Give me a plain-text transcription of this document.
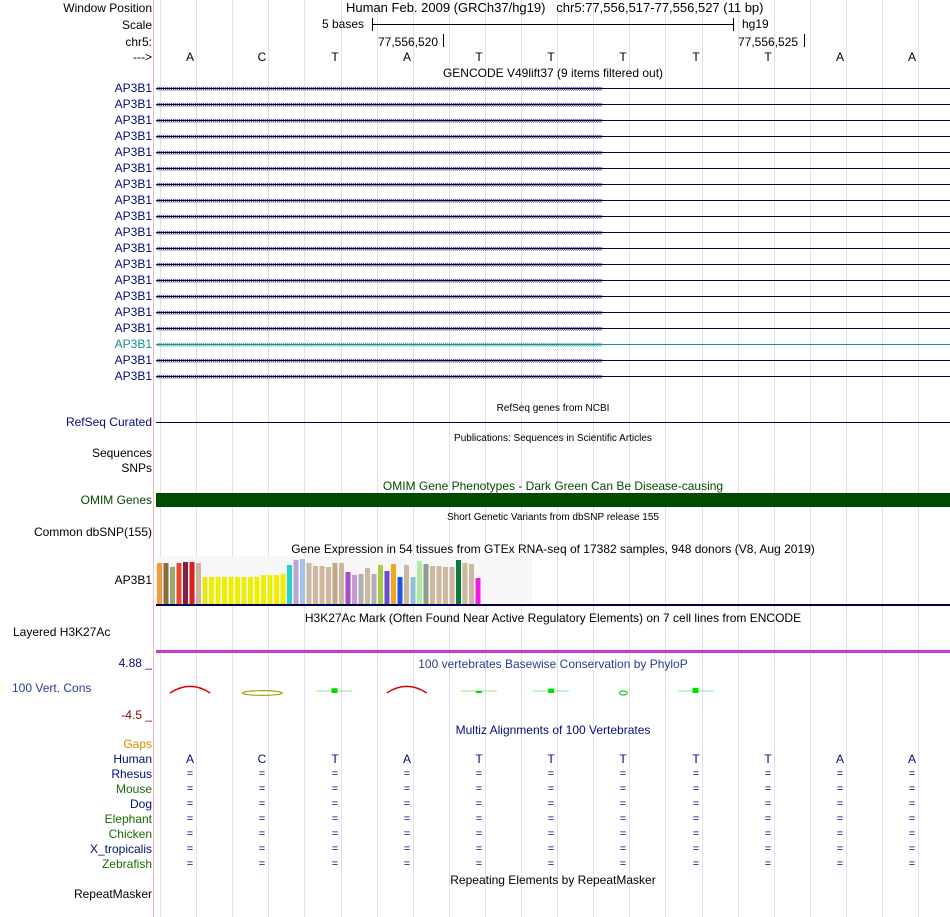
Window Position	Human Feb. 2009 (GRCh37/hg19) chr5:77,556,517-77,556,527 (11 bp)
Scale	5 bases	hg19
chr5:	77,556,520	77,556,525
--->	A	C	T	A	T	T	T	T	T	A	A
GENCODE V49lift37 (9 items filtered out)
AP3B1 ‹‹‹‹‹‹‹‹‹‹‹‹‹‹‹‹‹‹‹‹‹‹‹‹‹‹‹‹‹‹‹‹‹‹‹‹‹‹‹‹‹‹‹‹‹‹‹‹‹‹‹‹‹‹‹‹‹‹‹‹‹‹‹‹‹‹‹‹‹‹‹‹‹‹‹‹‹‹‹‹‹‹‹‹‹‹‹‹‹‹‹‹‹‹‹‹‹‹‹‹‹‹‹‹‹‹‹‹‹‹‹‹‹‹‹‹‹‹‹‹‹‹‹‹‹‹‹‹‹‹‹‹‹‹‹‹‹‹‹‹‹‹‹‹‹‹‹‹‹‹‹‹‹‹‹‹‹‹‹‹‹‹‹‹‹‹‹‹‹‹‹‹‹‹‹‹‹‹‹‹‹‹‹‹‹‹‹‹‹‹‹‹‹‹‹‹‹‹‹‹‹‹‹‹‹‹‹‹‹‹‹‹‹‹‹‹‹‹‹‹‹‹‹
AP3B1 ‹‹‹‹‹‹‹‹‹‹‹‹‹‹‹‹‹‹‹‹‹‹‹‹‹‹‹‹‹‹‹‹‹‹‹‹‹‹‹‹‹‹‹‹‹‹‹‹‹‹‹‹‹‹‹‹‹‹‹‹‹‹‹‹‹‹‹‹‹‹‹‹‹‹‹‹‹‹‹‹‹‹‹‹‹‹‹‹‹‹‹‹‹‹‹‹‹‹‹‹‹‹‹‹‹‹‹‹‹‹‹‹‹‹‹‹‹‹‹‹‹‹‹‹‹‹‹‹‹‹‹‹‹‹‹‹‹‹‹‹‹‹‹‹‹‹‹‹‹‹‹‹‹‹‹‹‹‹‹‹‹‹‹‹‹‹‹‹‹‹‹‹‹‹‹‹‹‹‹‹‹‹‹‹‹‹‹‹‹‹‹‹‹‹‹‹‹‹‹‹‹‹‹‹‹‹‹‹‹‹‹‹‹‹‹‹‹‹‹‹‹‹‹
AP3B1 ‹‹‹‹‹‹‹‹‹‹‹‹‹‹‹‹‹‹‹‹‹‹‹‹‹‹‹‹‹‹‹‹‹‹‹‹‹‹‹‹‹‹‹‹‹‹‹‹‹‹‹‹‹‹‹‹‹‹‹‹‹‹‹‹‹‹‹‹‹‹‹‹‹‹‹‹‹‹‹‹‹‹‹‹‹‹‹‹‹‹‹‹‹‹‹‹‹‹‹‹‹‹‹‹‹‹‹‹‹‹‹‹‹‹‹‹‹‹‹‹‹‹‹‹‹‹‹‹‹‹‹‹‹‹‹‹‹‹‹‹‹‹‹‹‹‹‹‹‹‹‹‹‹‹‹‹‹‹‹‹‹‹‹‹‹‹‹‹‹‹‹‹‹‹‹‹‹‹‹‹‹‹‹‹‹‹‹‹‹‹‹‹‹‹‹‹‹‹‹‹‹‹‹‹‹‹‹‹‹‹‹‹‹‹‹‹‹‹‹‹‹‹‹
AP3B1 ‹‹‹‹‹‹‹‹‹‹‹‹‹‹‹‹‹‹‹‹‹‹‹‹‹‹‹‹‹‹‹‹‹‹‹‹‹‹‹‹‹‹‹‹‹‹‹‹‹‹‹‹‹‹‹‹‹‹‹‹‹‹‹‹‹‹‹‹‹‹‹‹‹‹‹‹‹‹‹‹‹‹‹‹‹‹‹‹‹‹‹‹‹‹‹‹‹‹‹‹‹‹‹‹‹‹‹‹‹‹‹‹‹‹‹‹‹‹‹‹‹‹‹‹‹‹‹‹‹‹‹‹‹‹‹‹‹‹‹‹‹‹‹‹‹‹‹‹‹‹‹‹‹‹‹‹‹‹‹‹‹‹‹‹‹‹‹‹‹‹‹‹‹‹‹‹‹‹‹‹‹‹‹‹‹‹‹‹‹‹‹‹‹‹‹‹‹‹‹‹‹‹‹‹‹‹‹‹‹‹‹‹‹‹‹‹‹‹‹‹‹‹‹
AP3B1 ‹‹‹‹‹‹‹‹‹‹‹‹‹‹‹‹‹‹‹‹‹‹‹‹‹‹‹‹‹‹‹‹‹‹‹‹‹‹‹‹‹‹‹‹‹‹‹‹‹‹‹‹‹‹‹‹‹‹‹‹‹‹‹‹‹‹‹‹‹‹‹‹‹‹‹‹‹‹‹‹‹‹‹‹‹‹‹‹‹‹‹‹‹‹‹‹‹‹‹‹‹‹‹‹‹‹‹‹‹‹‹‹‹‹‹‹‹‹‹‹‹‹‹‹‹‹‹‹‹‹‹‹‹‹‹‹‹‹‹‹‹‹‹‹‹‹‹‹‹‹‹‹‹‹‹‹‹‹‹‹‹‹‹‹‹‹‹‹‹‹‹‹‹‹‹‹‹‹‹‹‹‹‹‹‹‹‹‹‹‹‹‹‹‹‹‹‹‹‹‹‹‹‹‹‹‹‹‹‹‹‹‹‹‹‹‹‹‹‹‹‹‹‹
AP3B1 ‹‹‹‹‹‹‹‹‹‹‹‹‹‹‹‹‹‹‹‹‹‹‹‹‹‹‹‹‹‹‹‹‹‹‹‹‹‹‹‹‹‹‹‹‹‹‹‹‹‹‹‹‹‹‹‹‹‹‹‹‹‹‹‹‹‹‹‹‹‹‹‹‹‹‹‹‹‹‹‹‹‹‹‹‹‹‹‹‹‹‹‹‹‹‹‹‹‹‹‹‹‹‹‹‹‹‹‹‹‹‹‹‹‹‹‹‹‹‹‹‹‹‹‹‹‹‹‹‹‹‹‹‹‹‹‹‹‹‹‹‹‹‹‹‹‹‹‹‹‹‹‹‹‹‹‹‹‹‹‹‹‹‹‹‹‹‹‹‹‹‹‹‹‹‹‹‹‹‹‹‹‹‹‹‹‹‹‹‹‹‹‹‹‹‹‹‹‹‹‹‹‹‹‹‹‹‹‹‹‹‹‹‹‹‹‹‹‹‹‹‹‹‹
AP3B1 ‹‹‹‹‹‹‹‹‹‹‹‹‹‹‹‹‹‹‹‹‹‹‹‹‹‹‹‹‹‹‹‹‹‹‹‹‹‹‹‹‹‹‹‹‹‹‹‹‹‹‹‹‹‹‹‹‹‹‹‹‹‹‹‹‹‹‹‹‹‹‹‹‹‹‹‹‹‹‹‹‹‹‹‹‹‹‹‹‹‹‹‹‹‹‹‹‹‹‹‹‹‹‹‹‹‹‹‹‹‹‹‹‹‹‹‹‹‹‹‹‹‹‹‹‹‹‹‹‹‹‹‹‹‹‹‹‹‹‹‹‹‹‹‹‹‹‹‹‹‹‹‹‹‹‹‹‹‹‹‹‹‹‹‹‹‹‹‹‹‹‹‹‹‹‹‹‹‹‹‹‹‹‹‹‹‹‹‹‹‹‹‹‹‹‹‹‹‹‹‹‹‹‹‹‹‹‹‹‹‹‹‹‹‹‹‹‹‹‹‹‹‹‹
AP3B1 ‹‹‹‹‹‹‹‹‹‹‹‹‹‹‹‹‹‹‹‹‹‹‹‹‹‹‹‹‹‹‹‹‹‹‹‹‹‹‹‹‹‹‹‹‹‹‹‹‹‹‹‹‹‹‹‹‹‹‹‹‹‹‹‹‹‹‹‹‹‹‹‹‹‹‹‹‹‹‹‹‹‹‹‹‹‹‹‹‹‹‹‹‹‹‹‹‹‹‹‹‹‹‹‹‹‹‹‹‹‹‹‹‹‹‹‹‹‹‹‹‹‹‹‹‹‹‹‹‹‹‹‹‹‹‹‹‹‹‹‹‹‹‹‹‹‹‹‹‹‹‹‹‹‹‹‹‹‹‹‹‹‹‹‹‹‹‹‹‹‹‹‹‹‹‹‹‹‹‹‹‹‹‹‹‹‹‹‹‹‹‹‹‹‹‹‹‹‹‹‹‹‹‹‹‹‹‹‹‹‹‹‹‹‹‹‹‹‹‹‹‹‹‹
AP3B1 ‹‹‹‹‹‹‹‹‹‹‹‹‹‹‹‹‹‹‹‹‹‹‹‹‹‹‹‹‹‹‹‹‹‹‹‹‹‹‹‹‹‹‹‹‹‹‹‹‹‹‹‹‹‹‹‹‹‹‹‹‹‹‹‹‹‹‹‹‹‹‹‹‹‹‹‹‹‹‹‹‹‹‹‹‹‹‹‹‹‹‹‹‹‹‹‹‹‹‹‹‹‹‹‹‹‹‹‹‹‹‹‹‹‹‹‹‹‹‹‹‹‹‹‹‹‹‹‹‹‹‹‹‹‹‹‹‹‹‹‹‹‹‹‹‹‹‹‹‹‹‹‹‹‹‹‹‹‹‹‹‹‹‹‹‹‹‹‹‹‹‹‹‹‹‹‹‹‹‹‹‹‹‹‹‹‹‹‹‹‹‹‹‹‹‹‹‹‹‹‹‹‹‹‹‹‹‹‹‹‹‹‹‹‹‹‹‹‹‹‹‹‹‹
AP3B1 ‹‹‹‹‹‹‹‹‹‹‹‹‹‹‹‹‹‹‹‹‹‹‹‹‹‹‹‹‹‹‹‹‹‹‹‹‹‹‹‹‹‹‹‹‹‹‹‹‹‹‹‹‹‹‹‹‹‹‹‹‹‹‹‹‹‹‹‹‹‹‹‹‹‹‹‹‹‹‹‹‹‹‹‹‹‹‹‹‹‹‹‹‹‹‹‹‹‹‹‹‹‹‹‹‹‹‹‹‹‹‹‹‹‹‹‹‹‹‹‹‹‹‹‹‹‹‹‹‹‹‹‹‹‹‹‹‹‹‹‹‹‹‹‹‹‹‹‹‹‹‹‹‹‹‹‹‹‹‹‹‹‹‹‹‹‹‹‹‹‹‹‹‹‹‹‹‹‹‹‹‹‹‹‹‹‹‹‹‹‹‹‹‹‹‹‹‹‹‹‹‹‹‹‹‹‹‹‹‹‹‹‹‹‹‹‹‹‹‹‹‹‹‹
AP3B1 ‹‹‹‹‹‹‹‹‹‹‹‹‹‹‹‹‹‹‹‹‹‹‹‹‹‹‹‹‹‹‹‹‹‹‹‹‹‹‹‹‹‹‹‹‹‹‹‹‹‹‹‹‹‹‹‹‹‹‹‹‹‹‹‹‹‹‹‹‹‹‹‹‹‹‹‹‹‹‹‹‹‹‹‹‹‹‹‹‹‹‹‹‹‹‹‹‹‹‹‹‹‹‹‹‹‹‹‹‹‹‹‹‹‹‹‹‹‹‹‹‹‹‹‹‹‹‹‹‹‹‹‹‹‹‹‹‹‹‹‹‹‹‹‹‹‹‹‹‹‹‹‹‹‹‹‹‹‹‹‹‹‹‹‹‹‹‹‹‹‹‹‹‹‹‹‹‹‹‹‹‹‹‹‹‹‹‹‹‹‹‹‹‹‹‹‹‹‹‹‹‹‹‹‹‹‹‹‹‹‹‹‹‹‹‹‹‹‹‹‹‹‹‹
AP3B1 ‹‹‹‹‹‹‹‹‹‹‹‹‹‹‹‹‹‹‹‹‹‹‹‹‹‹‹‹‹‹‹‹‹‹‹‹‹‹‹‹‹‹‹‹‹‹‹‹‹‹‹‹‹‹‹‹‹‹‹‹‹‹‹‹‹‹‹‹‹‹‹‹‹‹‹‹‹‹‹‹‹‹‹‹‹‹‹‹‹‹‹‹‹‹‹‹‹‹‹‹‹‹‹‹‹‹‹‹‹‹‹‹‹‹‹‹‹‹‹‹‹‹‹‹‹‹‹‹‹‹‹‹‹‹‹‹‹‹‹‹‹‹‹‹‹‹‹‹‹‹‹‹‹‹‹‹‹‹‹‹‹‹‹‹‹‹‹‹‹‹‹‹‹‹‹‹‹‹‹‹‹‹‹‹‹‹‹‹‹‹‹‹‹‹‹‹‹‹‹‹‹‹‹‹‹‹‹‹‹‹‹‹‹‹‹‹‹‹‹‹‹‹‹
AP3B1 ‹‹‹‹‹‹‹‹‹‹‹‹‹‹‹‹‹‹‹‹‹‹‹‹‹‹‹‹‹‹‹‹‹‹‹‹‹‹‹‹‹‹‹‹‹‹‹‹‹‹‹‹‹‹‹‹‹‹‹‹‹‹‹‹‹‹‹‹‹‹‹‹‹‹‹‹‹‹‹‹‹‹‹‹‹‹‹‹‹‹‹‹‹‹‹‹‹‹‹‹‹‹‹‹‹‹‹‹‹‹‹‹‹‹‹‹‹‹‹‹‹‹‹‹‹‹‹‹‹‹‹‹‹‹‹‹‹‹‹‹‹‹‹‹‹‹‹‹‹‹‹‹‹‹‹‹‹‹‹‹‹‹‹‹‹‹‹‹‹‹‹‹‹‹‹‹‹‹‹‹‹‹‹‹‹‹‹‹‹‹‹‹‹‹‹‹‹‹‹‹‹‹‹‹‹‹‹‹‹‹‹‹‹‹‹‹‹‹‹‹‹‹‹
AP3B1 ‹‹‹‹‹‹‹‹‹‹‹‹‹‹‹‹‹‹‹‹‹‹‹‹‹‹‹‹‹‹‹‹‹‹‹‹‹‹‹‹‹‹‹‹‹‹‹‹‹‹‹‹‹‹‹‹‹‹‹‹‹‹‹‹‹‹‹‹‹‹‹‹‹‹‹‹‹‹‹‹‹‹‹‹‹‹‹‹‹‹‹‹‹‹‹‹‹‹‹‹‹‹‹‹‹‹‹‹‹‹‹‹‹‹‹‹‹‹‹‹‹‹‹‹‹‹‹‹‹‹‹‹‹‹‹‹‹‹‹‹‹‹‹‹‹‹‹‹‹‹‹‹‹‹‹‹‹‹‹‹‹‹‹‹‹‹‹‹‹‹‹‹‹‹‹‹‹‹‹‹‹‹‹‹‹‹‹‹‹‹‹‹‹‹‹‹‹‹‹‹‹‹‹‹‹‹‹‹‹‹‹‹‹‹‹‹‹‹‹‹‹‹‹
AP3B1 ‹‹‹‹‹‹‹‹‹‹‹‹‹‹‹‹‹‹‹‹‹‹‹‹‹‹‹‹‹‹‹‹‹‹‹‹‹‹‹‹‹‹‹‹‹‹‹‹‹‹‹‹‹‹‹‹‹‹‹‹‹‹‹‹‹‹‹‹‹‹‹‹‹‹‹‹‹‹‹‹‹‹‹‹‹‹‹‹‹‹‹‹‹‹‹‹‹‹‹‹‹‹‹‹‹‹‹‹‹‹‹‹‹‹‹‹‹‹‹‹‹‹‹‹‹‹‹‹‹‹‹‹‹‹‹‹‹‹‹‹‹‹‹‹‹‹‹‹‹‹‹‹‹‹‹‹‹‹‹‹‹‹‹‹‹‹‹‹‹‹‹‹‹‹‹‹‹‹‹‹‹‹‹‹‹‹‹‹‹‹‹‹‹‹‹‹‹‹‹‹‹‹‹‹‹‹‹‹‹‹‹‹‹‹‹‹‹‹‹‹‹‹‹
AP3B1 ‹‹‹‹‹‹‹‹‹‹‹‹‹‹‹‹‹‹‹‹‹‹‹‹‹‹‹‹‹‹‹‹‹‹‹‹‹‹‹‹‹‹‹‹‹‹‹‹‹‹‹‹‹‹‹‹‹‹‹‹‹‹‹‹‹‹‹‹‹‹‹‹‹‹‹‹‹‹‹‹‹‹‹‹‹‹‹‹‹‹‹‹‹‹‹‹‹‹‹‹‹‹‹‹‹‹‹‹‹‹‹‹‹‹‹‹‹‹‹‹‹‹‹‹‹‹‹‹‹‹‹‹‹‹‹‹‹‹‹‹‹‹‹‹‹‹‹‹‹‹‹‹‹‹‹‹‹‹‹‹‹‹‹‹‹‹‹‹‹‹‹‹‹‹‹‹‹‹‹‹‹‹‹‹‹‹‹‹‹‹‹‹‹‹‹‹‹‹‹‹‹‹‹‹‹‹‹‹‹‹‹‹‹‹‹‹‹‹‹‹‹‹‹
AP3B1 ‹‹‹‹‹‹‹‹‹‹‹‹‹‹‹‹‹‹‹‹‹‹‹‹‹‹‹‹‹‹‹‹‹‹‹‹‹‹‹‹‹‹‹‹‹‹‹‹‹‹‹‹‹‹‹‹‹‹‹‹‹‹‹‹‹‹‹‹‹‹‹‹‹‹‹‹‹‹‹‹‹‹‹‹‹‹‹‹‹‹‹‹‹‹‹‹‹‹‹‹‹‹‹‹‹‹‹‹‹‹‹‹‹‹‹‹‹‹‹‹‹‹‹‹‹‹‹‹‹‹‹‹‹‹‹‹‹‹‹‹‹‹‹‹‹‹‹‹‹‹‹‹‹‹‹‹‹‹‹‹‹‹‹‹‹‹‹‹‹‹‹‹‹‹‹‹‹‹‹‹‹‹‹‹‹‹‹‹‹‹‹‹‹‹‹‹‹‹‹‹‹‹‹‹‹‹‹‹‹‹‹‹‹‹‹‹‹‹‹‹‹‹‹
AP3B1 ‹‹‹‹‹‹‹‹‹‹‹‹‹‹‹‹‹‹‹‹‹‹‹‹‹‹‹‹‹‹‹‹‹‹‹‹‹‹‹‹‹‹‹‹‹‹‹‹‹‹‹‹‹‹‹‹‹‹‹‹‹‹‹‹‹‹‹‹‹‹‹‹‹‹‹‹‹‹‹‹‹‹‹‹‹‹‹‹‹‹‹‹‹‹‹‹‹‹‹‹‹‹‹‹‹‹‹‹‹‹‹‹‹‹‹‹‹‹‹‹‹‹‹‹‹‹‹‹‹‹‹‹‹‹‹‹‹‹‹‹‹‹‹‹‹‹‹‹‹‹‹‹‹‹‹‹‹‹‹‹‹‹‹‹‹‹‹‹‹‹‹‹‹‹‹‹‹‹‹‹‹‹‹‹‹‹‹‹‹‹‹‹‹‹‹‹‹‹‹‹‹‹‹‹‹‹‹‹‹‹‹‹‹‹‹‹‹‹‹‹‹‹‹
AP3B1 ‹‹‹‹‹‹‹‹‹‹‹‹‹‹‹‹‹‹‹‹‹‹‹‹‹‹‹‹‹‹‹‹‹‹‹‹‹‹‹‹‹‹‹‹‹‹‹‹‹‹‹‹‹‹‹‹‹‹‹‹‹‹‹‹‹‹‹‹‹‹‹‹‹‹‹‹‹‹‹‹‹‹‹‹‹‹‹‹‹‹‹‹‹‹‹‹‹‹‹‹‹‹‹‹‹‹‹‹‹‹‹‹‹‹‹‹‹‹‹‹‹‹‹‹‹‹‹‹‹‹‹‹‹‹‹‹‹‹‹‹‹‹‹‹‹‹‹‹‹‹‹‹‹‹‹‹‹‹‹‹‹‹‹‹‹‹‹‹‹‹‹‹‹‹‹‹‹‹‹‹‹‹‹‹‹‹‹‹‹‹‹‹‹‹‹‹‹‹‹‹‹‹‹‹‹‹‹‹‹‹‹‹‹‹‹‹‹‹‹‹‹‹‹
RefSeq genes from NCBI
RefSeq Curated
Publications: Sequences in Scientific Articles
Sequences
SNPs
OMIM Gene Phenotypes - Dark Green Can Be Disease-causing
OMIM Genes
Short Genetic Variants from dbSNP release 155
Common dbSNP(155)
Gene Expression in 54 tissues from GTEx RNA-seq of 17382 samples, 948 donors (V8, Aug 2019)
AP3B1
H3K27Ac Mark (Often Found Near Active Regulatory Elements) on 7 cell lines from ENCODE
Layered H3K27Ac
100 vertebrates Basewise Conservation by PhyloP
4.88 _
100 Vert. Cons
-4.5 _
Multiz Alignments of 100 Vertebrates
Gaps
Human	A	C	T	A	T	T	T	T	T	A	A
Rhesus	=	=	=	=	=	=	=	=	=	=	=
Mouse	=	=	=	=	=	=	=	=	=	=	=
Dog	=	=	=	=	=	=	=	=	=	=	=
Elephant	=	=	=	=	=	=	=	=	=	=	=
Chicken	=	=	=	=	=	=	=	=	=	=	=
X_tropicalis	=	=	=	=	=	=	=	=	=	=	=
Zebrafish	=	=	=	=	=	=	=	=	=	=	=
Repeating Elements by RepeatMasker
RepeatMasker
